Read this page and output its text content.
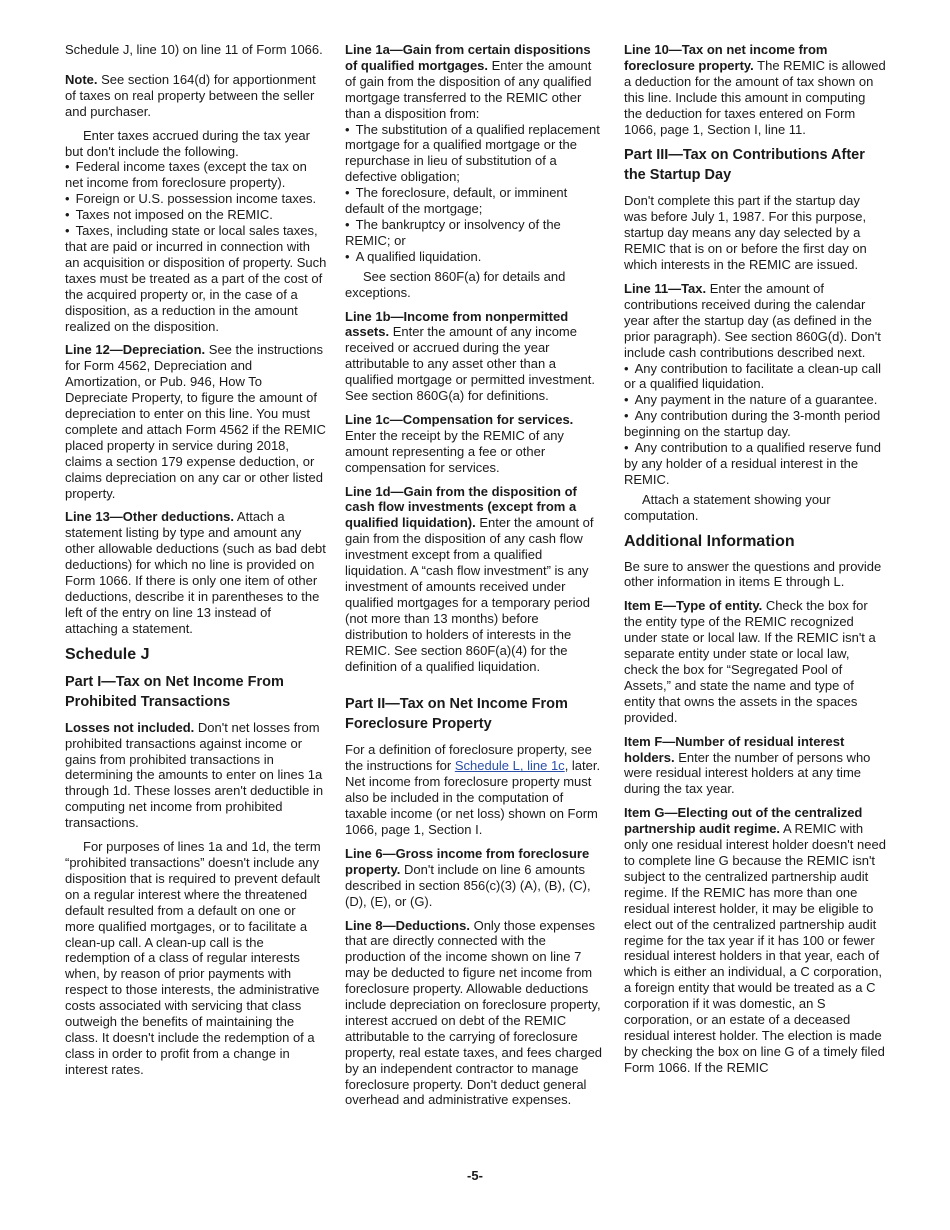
Schedule J, line 10) on line 11 of Form 1066.

Note. See section 164(d) for apportionment of taxes on real property between the seller and purchaser.

Enter taxes accrued during the tax year but don't include the following.

• Federal income taxes (except the tax on net income from foreclosure property).
• Foreign or U.S. possession income taxes.
• Taxes not imposed on the REMIC.
• Taxes, including state or local sales taxes, that are paid or incurred in connection with an acquisition or disposition of property. Such taxes must be treated as a part of the cost of the acquired property or, in the case of a disposition, as a reduction in the amount realized on the disposition.

Line 12—Depreciation. See the instructions for Form 4562, Depreciation and Amortization, or Pub. 946, How To Depreciate Property, to figure the amount of depreciation to enter on this line. You must complete and attach Form 4562 if the REMIC placed property in service during 2018, claims a section 179 expense deduction, or claims depreciation on any car or other listed property.

Line 13—Other deductions. Attach a statement listing by type and amount any other allowable deductions (such as bad debt deductions) for which no line is provided on Form 1066. If there is only one item of other deductions, describe it in parentheses to the left of the entry on line 13 instead of attaching a statement.

Schedule J
Part I—Tax on Net Income From Prohibited Transactions

Losses not included. Don't net losses from prohibited transactions against income or gains from prohibited transactions in determining the amounts to enter on lines 1a through 1d. These losses aren't deductible in computing net income from prohibited transactions.

For purposes of lines 1a and 1d, the term “prohibited transactions” doesn't include any disposition that is required to prevent default on a regular interest where the threatened default resulted from a default on one or more qualified mortgages, or to facilitate a clean-up call. A clean-up call is the redemption of a class of regular interests when, by reason of prior payments with respect to those interests, the administrative costs associated with servicing that class outweigh the benefits of maintaining the class. It doesn't include the redemption of a class in order to profit from a change in interest rates.

Line 1a—Gain from certain dispositions of qualified mortgages. Enter the amount of gain from the disposition of any qualified mortgage transferred to the REMIC other than a disposition from:

• The substitution of a qualified replacement mortgage for a qualified mortgage or the repurchase in lieu of substitution of a defective obligation;
• The foreclosure, default, or imminent default of the mortgage;
• The bankruptcy or insolvency of the REMIC; or
• A qualified liquidation.

See section 860F(a) for details and exceptions.

Line 1b—Income from nonpermitted assets. Enter the amount of any income received or accrued during the year attributable to any asset other than a qualified mortgage or permitted investment. See section 860G(a) for definitions.

Line 1c—Compensation for services. Enter the receipt by the REMIC of any amount representing a fee or other compensation for services.

Line 1d—Gain from the disposition of cash flow investments (except from a qualified liquidation). Enter the amount of gain from the disposition of any cash flow investment except from a qualified liquidation. A “cash flow investment” is any investment of amounts received under qualified mortgages for a temporary period (not more than 13 months) before distribution to holders of interests in the REMIC. See section 860F(a)(4) for the definition of a qualified liquidation.

Part II—Tax on Net Income From Foreclosure Property

For a definition of foreclosure property, see the instructions for Schedule L, line 1c, later. Net income from foreclosure property must also be included in the computation of taxable income (or net loss) shown on Form 1066, page 1, Section I.

Line 6—Gross income from foreclosure property. Don't include on line 6 amounts described in section 856(c)(3) (A), (B), (C), (D), (E), or (G).

Line 8—Deductions. Only those expenses that are directly connected with the production of the income shown on line 7 may be deducted to figure net income from foreclosure property. Allowable deductions include depreciation on foreclosure property, interest accrued on debt of the REMIC attributable to the carrying of foreclosure property, real estate taxes, and fees charged by an independent contractor to manage foreclosure property. Don't deduct general overhead and administrative expenses.

Line 10—Tax on net income from foreclosure property. The REMIC is allowed a deduction for the amount of tax shown on this line. Include this amount in computing the deduction for taxes entered on Form 1066, page 1, Section I, line 11.

Part III—Tax on Contributions After the Startup Day

Don't complete this part if the startup day was before July 1, 1987. For this purpose, startup day means any day selected by a REMIC that is on or before the first day on which interests in the REMIC are issued.

Line 11—Tax. Enter the amount of contributions received during the calendar year after the startup day (as defined in the prior paragraph). See section 860G(d). Don't include cash contributions described next.

• Any contribution to facilitate a clean-up call or a qualified liquidation.
• Any payment in the nature of a guarantee.
• Any contribution during the 3-month period beginning on the startup day.
• Any contribution to a qualified reserve fund by any holder of a residual interest in the REMIC.

Attach a statement showing your computation.

Additional Information

Be sure to answer the questions and provide other information in items E through L.

Item E—Type of entity. Check the box for the entity type of the REMIC recognized under state or local law. If the REMIC isn't a separate entity under state or local law, check the box for “Segregated Pool of Assets,” and state the name and type of entity that owns the assets in the spaces provided.

Item F—Number of residual interest holders. Enter the number of persons who were residual interest holders at any time during the tax year.

Item G—Electing out of the centralized partnership audit regime. A REMIC with only one residual interest holder doesn't need to complete line G because the REMIC isn't subject to the centralized partnership audit regime. If the REMIC has more than one residual interest holder, it may be eligible to elect out of the centralized partnership audit regime for the tax year if it has 100 or fewer residual interest holders in that year, each of which is either an individual, a C corporation, a foreign entity that would be treated as a C corporation if it was domestic, an S corporation, or an estate of a deceased residual interest holder. The election is made by checking the box on line G of a timely filed Form 1066. If the REMIC

-5-
